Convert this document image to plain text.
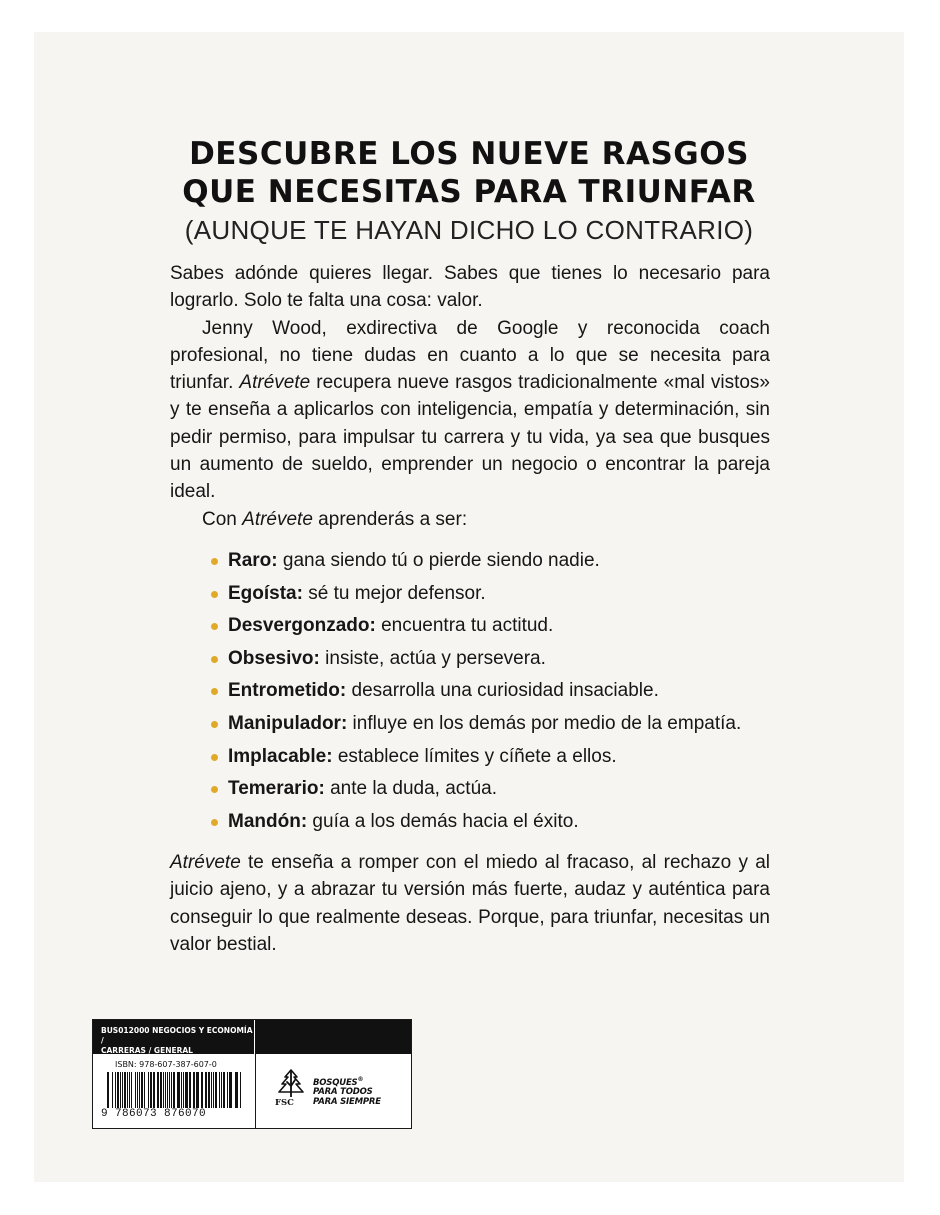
DESCUBRE LOS NUEVE RASGOS
QUE NECESITAS PARA TRIUNFAR
(AUNQUE TE HAYAN DICHO LO CONTRARIO)

Sabes adónde quieres llegar. Sabes que tienes lo necesario para lograrlo. Solo te falta una cosa: valor.

Jenny Wood, exdirectiva de Google y reconocida coach profesional, no tiene dudas en cuanto a lo que se necesita para triunfar. Atrévete recupera nueve rasgos tradicionalmente «mal vistos» y te enseña a aplicarlos con inteligencia, empatía y determinación, sin pedir permiso, para impulsar tu carrera y tu vida, ya sea que busques un aumento de sueldo, emprender un negocio o encontrar la pareja ideal.

Con Atrévete aprenderás a ser:

Raro: gana siendo tú o pierde siendo nadie.
Egoísta: sé tu mejor defensor.
Desvergonzado: encuentra tu actitud.
Obsesivo: insiste, actúa y persevera.
Entrometido: desarrolla una curiosidad insaciable.
Manipulador: influye en los demás por medio de la empatía.
Implacable: establece límites y cíñete a ellos.
Temerario: ante la duda, actúa.
Mandón: guía a los demás hacia el éxito.

Atrévete te enseña a romper con el miedo al fracaso, al rechazo y al juicio ajeno, y a abrazar tu versión más fuerte, audaz y auténtica para conseguir lo que realmente deseas. Porque, para triunfar, necesitas un valor bestial.

BUS012000 NEGOCIOS Y ECONOMÍA /
CARRERAS / GENERAL
ISBN: 978-607-387-607-0
9 786073 876070
FSC
BOSQUES®
PARA TODOS
PARA SIEMPRE
